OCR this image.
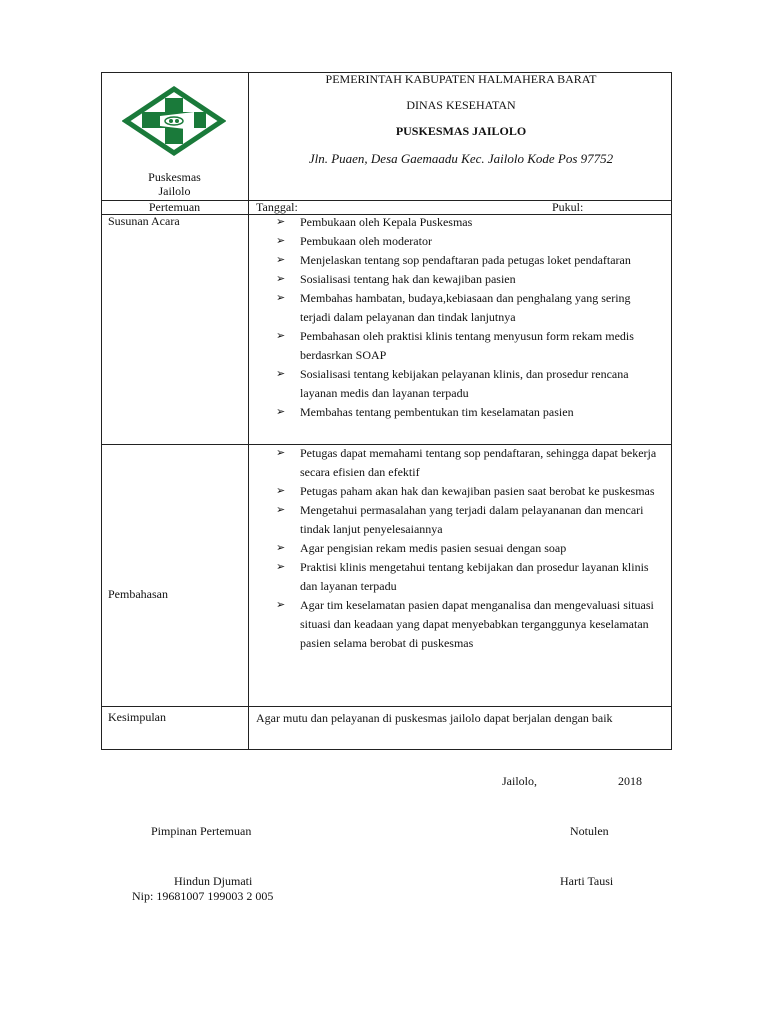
Puskesmas
Jailolo
PEMERINTAH KABUPATEN HALMAHERA BARAT
DINAS KESEHATAN
PUSKESMAS JAILOLO
Jln. Puaen, Desa Gaemaadu Kec. Jailolo Kode Pos 97752
Pertemuan	Tanggal:	Pukul:
Susunan Acara	➢ Pembukaan oleh Kepala Puskesmas
➢ Pembukaan oleh moderator
➢ Menjelaskan tentang sop pendaftaran pada petugas loket pendaftaran
➢ Sosialisasi tentang hak dan kewajiban pasien
➢ Membahas hambatan, budaya,kebiasaan dan penghalang yang sering terjadi dalam pelayanan dan tindak lanjutnya
➢ Pembahasan oleh praktisi klinis tentang menyusun form rekam medis berdasrkan SOAP
➢ Sosialisasi tentang kebijakan pelayanan klinis, dan prosedur rencana layanan medis dan layanan terpadu
➢ Membahas tentang pembentukan tim keselamatan pasien
Pembahasan
➢ Petugas dapat memahami tentang sop pendaftaran, sehingga dapat bekerja secara efisien dan efektif
➢ Petugas paham akan hak dan kewajiban pasien saat berobat ke puskesmas
➢ Mengetahui permasalahan yang terjadi dalam pelayananan dan mencari tindak lanjut penyelesaiannya
➢ Agar pengisian rekam medis pasien sesuai dengan soap
➢ Praktisi klinis mengetahui tentang kebijakan dan prosedur layanan klinis dan layanan terpadu
➢ Agar tim keselamatan pasien dapat menganalisa dan mengevaluasi situasi situasi dan keadaan yang dapat menyebabkan terganggunya keselamatan pasien selama berobat di puskesmas
Kesimpulan	Agar mutu dan pelayanan di puskesmas jailolo dapat berjalan dengan baik
Jailolo,	2018
Pimpinan Pertemuan	Notulen
Hindun Djumati
Nip: 19681007 199003 2 005
Harti Tausi
